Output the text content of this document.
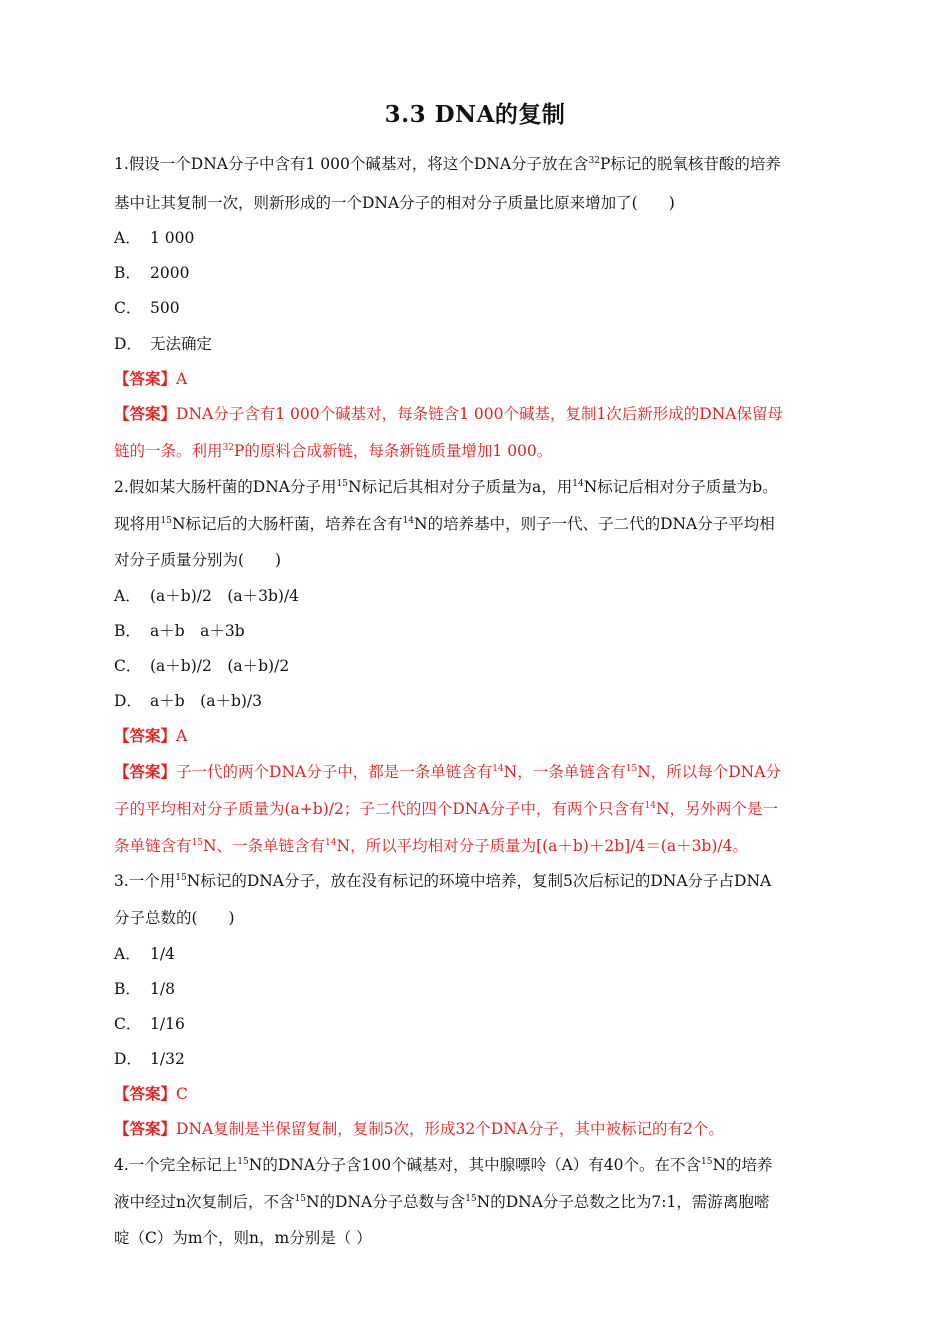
3.3 DNA的复制
1.假设一个DNA分子中含有1 000个碱基对，将这个DNA分子放在含$^{32}$P标记的脱氧核苷酸的培养
基中让其复制一次，则新形成的一个DNA分子的相对分子质量比原来增加了(　　)
A． 1 000
B． 2000
C． 500
D． 无法确定
【答案】A
【答案】DNA分子含有1 000个碱基对，每条链含1 000个碱基，复制1次后新形成的DNA保留母
链的一条。利用$^{32}$P的原料合成新链，每条新链质量增加1 000。
2.假如某大肠杆菌的DNA分子用$^{15}$N标记后其相对分子质量为a，用$^{14}$N标记后相对分子质量为b。
现将用$^{15}$N标记后的大肠杆菌，培养在含有$^{14}$N的培养基中，则子一代、子二代的DNA分子平均相
对分子质量分别为(　　)
A． (a＋b)/2　(a＋3b)/4
B． a＋b　a＋3b
C． (a＋b)/2　(a＋b)/2
D． a＋b　(a＋b)/3
【答案】A
【答案】子一代的两个DNA分子中，都是一条单链含有$^{14}$N，一条单链含有$^{15}$N，所以每个DNA分
子的平均相对分子质量为(a+b)/2；子二代的四个DNA分子中，有两个只含有$^{14}$N，另外两个是一
条单链含有$^{15}$N、一条单链含有$^{14}$N，所以平均相对分子质量为[(a＋b)＋2b]/4＝(a＋3b)/4。
3.一个用$^{15}$N标记的DNA分子，放在没有标记的环境中培养，复制5次后标记的DNA分子占DNA
分子总数的(　　)
A． 1/4
B． 1/8
C． 1/16
D． 1/32
【答案】C
【答案】DNA复制是半保留复制，复制5次，形成32个DNA分子，其中被标记的有2个。
4.一个完全标记上$^{15}$N的DNA分子含100个碱基对，其中腺嘌呤（A）有40个。在不含$^{15}$N的培养
液中经过n次复制后，不含$^{15}$N的DNA分子总数与含$^{15}$N的DNA分子总数之比为7:1，需游离胞嘧
啶（C）为m个，则n，m分别是（ ）
